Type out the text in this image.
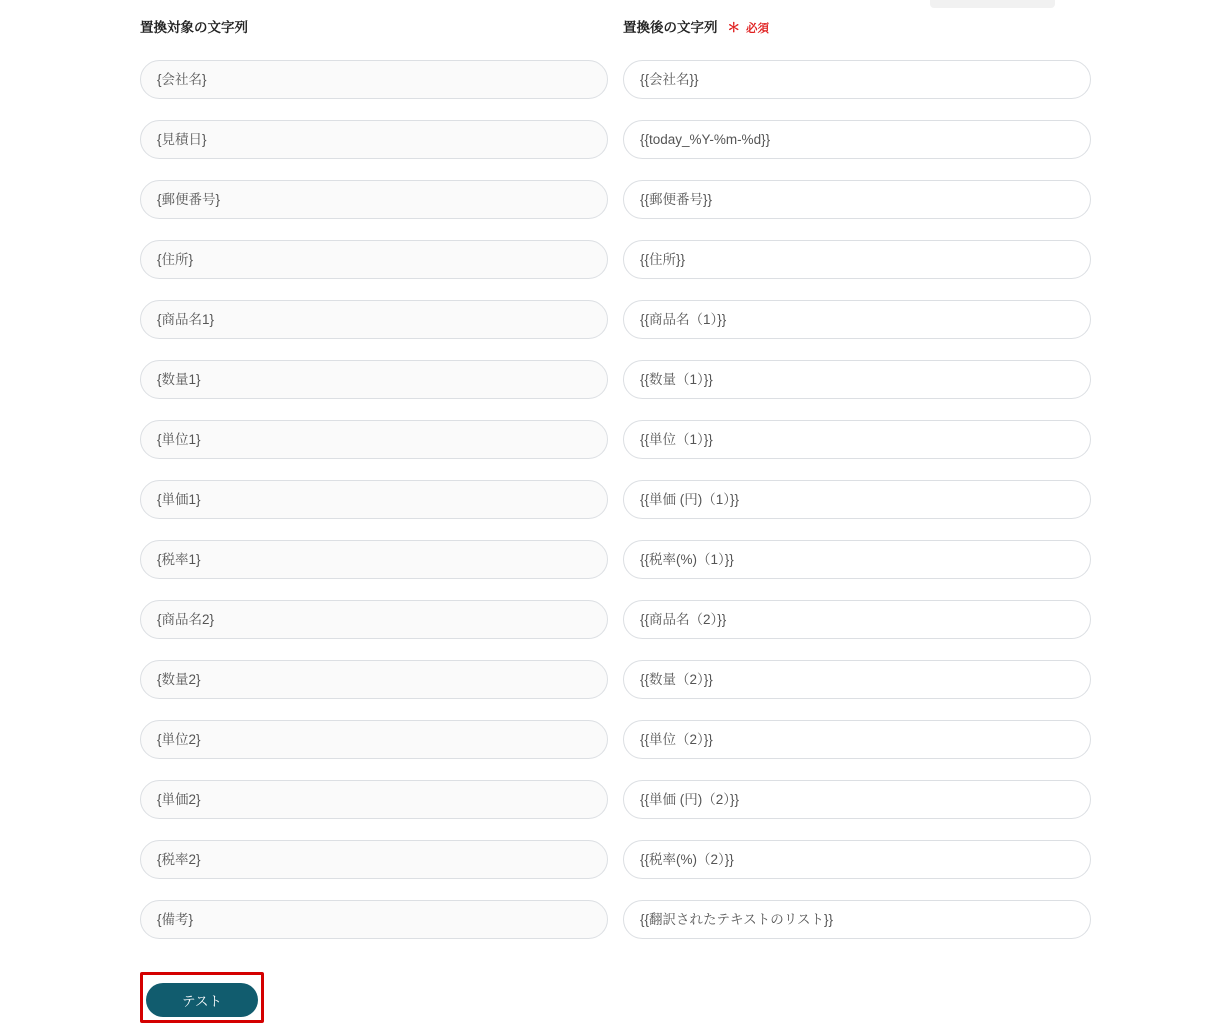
置換対象の文字列	置換後の文字列 ＊ 必須
{会社名}	{{会社名}}
{見積日}	{{today_%Y-%m-%d}}
{郵便番号}	{{郵便番号}}
{住所}	{{住所}}
{商品名1}	{{商品名（1）}}
{数量1}	{{数量（1）}}
{単位1}	{{単位（1）}}
{単価1}	{{単価 (円)（1）}}
{税率1}	{{税率(%)（1）}}
{商品名2}	{{商品名（2）}}
{数量2}	{{数量（2）}}
{単位2}	{{単位（2）}}
{単価2}	{{単価 (円)（2）}}
{税率2}	{{税率(%)（2）}}
{備考}	{{翻訳されたテキストのリスト}}
テスト
